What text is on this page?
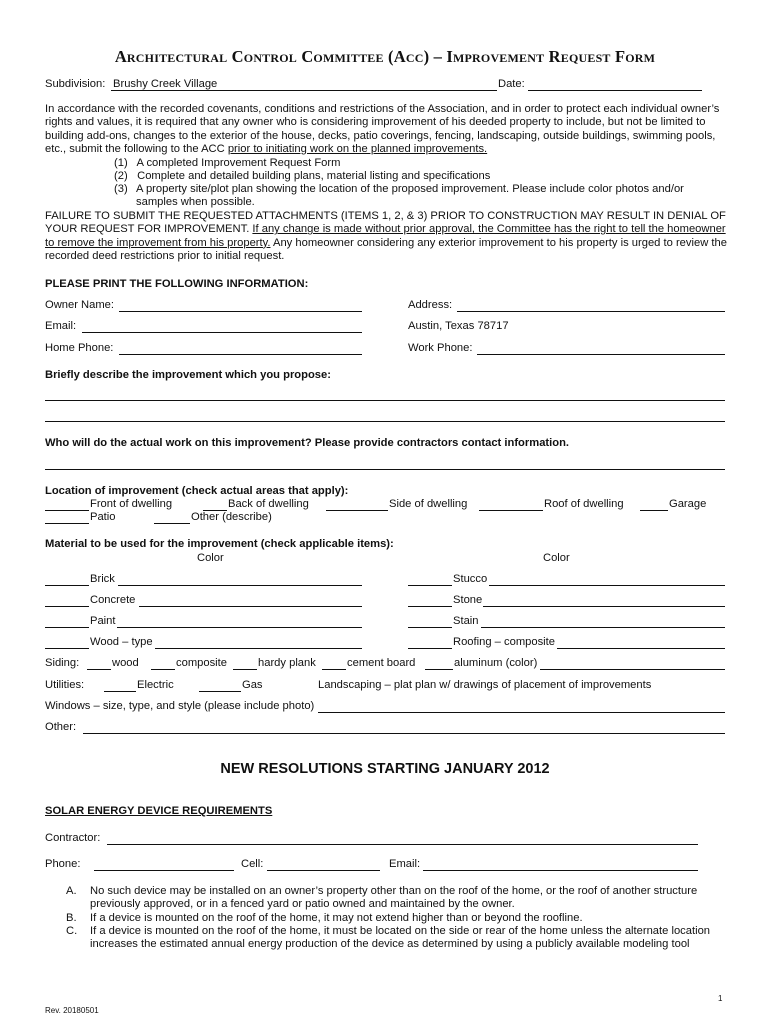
Architectural Control Committee (Acc) – Improvement Request Form
Subdivision: Brushy Creek Village	Date:
In accordance with the recorded covenants, conditions and restrictions of the Association, and in order to protect each individual owner’s rights and values, it is required that any owner who is considering improvement of his deeded property to include, but not be limited to building add-ons, changes to the exterior of the house, decks, patio coverings, fencing, landscaping, outside buildings, swimming pools, etc., submit the following to the ACC prior to initiating work on the planned improvements.
(1) A completed Improvement Request Form
(2) Complete and detailed building plans, material listing and specifications
(3) A property site/plot plan showing the location of the proposed improvement. Please include color photos and/or samples when possible.
FAILURE TO SUBMIT THE REQUESTED ATTACHMENTS (ITEMS 1, 2, & 3) PRIOR TO CONSTRUCTION MAY RESULT IN DENIAL OF YOUR REQUEST FOR IMPROVEMENT. If any change is made without prior approval, the Committee has the right to tell the homeowner to remove the improvement from his property. Any homeowner considering any exterior improvement to his property is urged to review the recorded deed restrictions prior to initial request.
PLEASE PRINT THE FOLLOWING INFORMATION:
Owner Name:	Address:
Email:	Austin, Texas 78717
Home Phone:	Work Phone:
Briefly describe the improvement which you propose:
Who will do the actual work on this improvement? Please provide contractors contact information.
Location of improvement (check actual areas that apply):
Front of dwelling	Back of dwelling	Side of dwelling	Roof of dwelling	Garage
Patio	Other (describe)
Material to be used for the improvement (check applicable items):
Color	Color
Brick	Stucco
Concrete	Stone
Paint	Stain
Wood – type	Roofing – composite
Siding:	wood	composite	hardy plank	cement board	aluminum (color)
Utilities:	Electric	Gas	Landscaping – plat plan w/ drawings of placement of improvements
Windows – size, type, and style (please include photo)
Other:
NEW RESOLUTIONS STARTING JANUARY 2012
SOLAR ENERGY DEVICE REQUIREMENTS
Contractor:
Phone:	Cell:	Email:
A. No such device may be installed on an owner’s property other than on the roof of the home, or the roof of another structure previously approved, or in a fenced yard or patio owned and maintained by the owner.
B. If a device is mounted on the roof of the home, it may not extend higher than or beyond the roofline.
C. If a device is mounted on the roof of the home, it must be located on the side or rear of the home unless the alternate location increases the estimated annual energy production of the device as determined by using a publicly available modeling tool
1
Rev. 20180501
